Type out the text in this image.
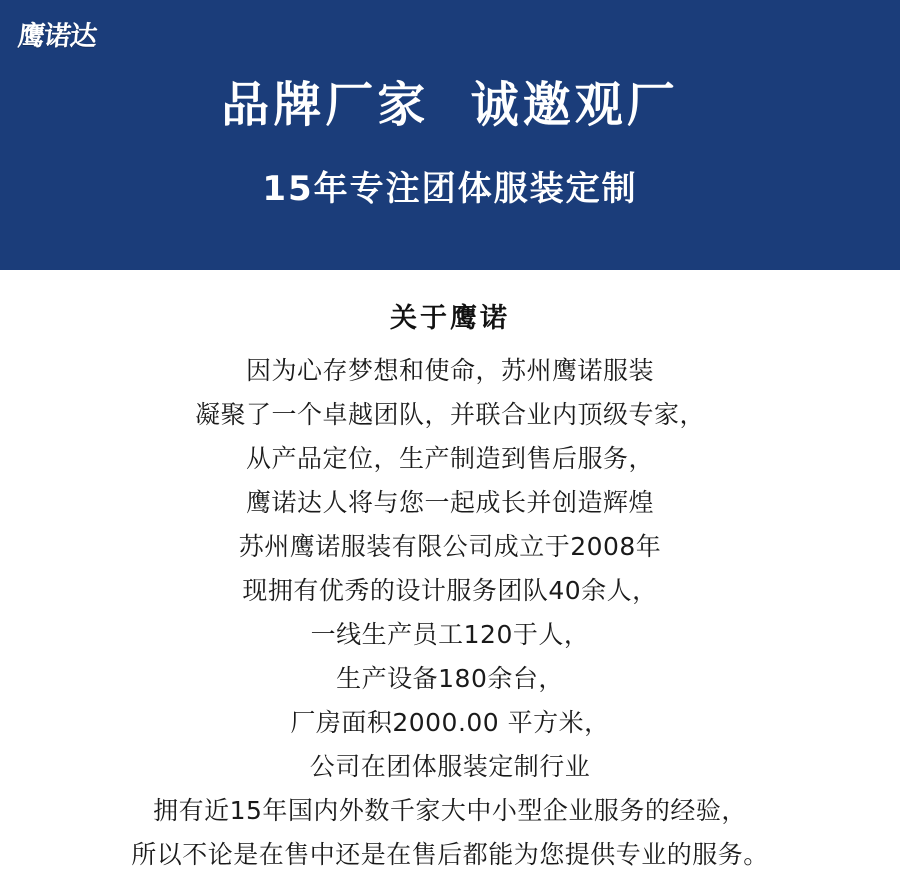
鹰诺达
品牌厂家  诚邀观厂
15年专注团体服装定制
关于鹰诺
因为心存梦想和使命，苏州鹰诺服装
凝聚了一个卓越团队，并联合业内顶级专家，
从产品定位，生产制造到售后服务，
鹰诺达人将与您一起成长并创造辉煌
苏州鹰诺服装有限公司成立于2008年
现拥有优秀的设计服务团队40余人，
一线生产员工120于人，
生产设备180余台，
厂房面积2000.00 平方米，
公司在团体服装定制行业
拥有近15年国内外数千家大中小型企业服务的经验，
所以不论是在售中还是在售后都能为您提供专业的服务。
